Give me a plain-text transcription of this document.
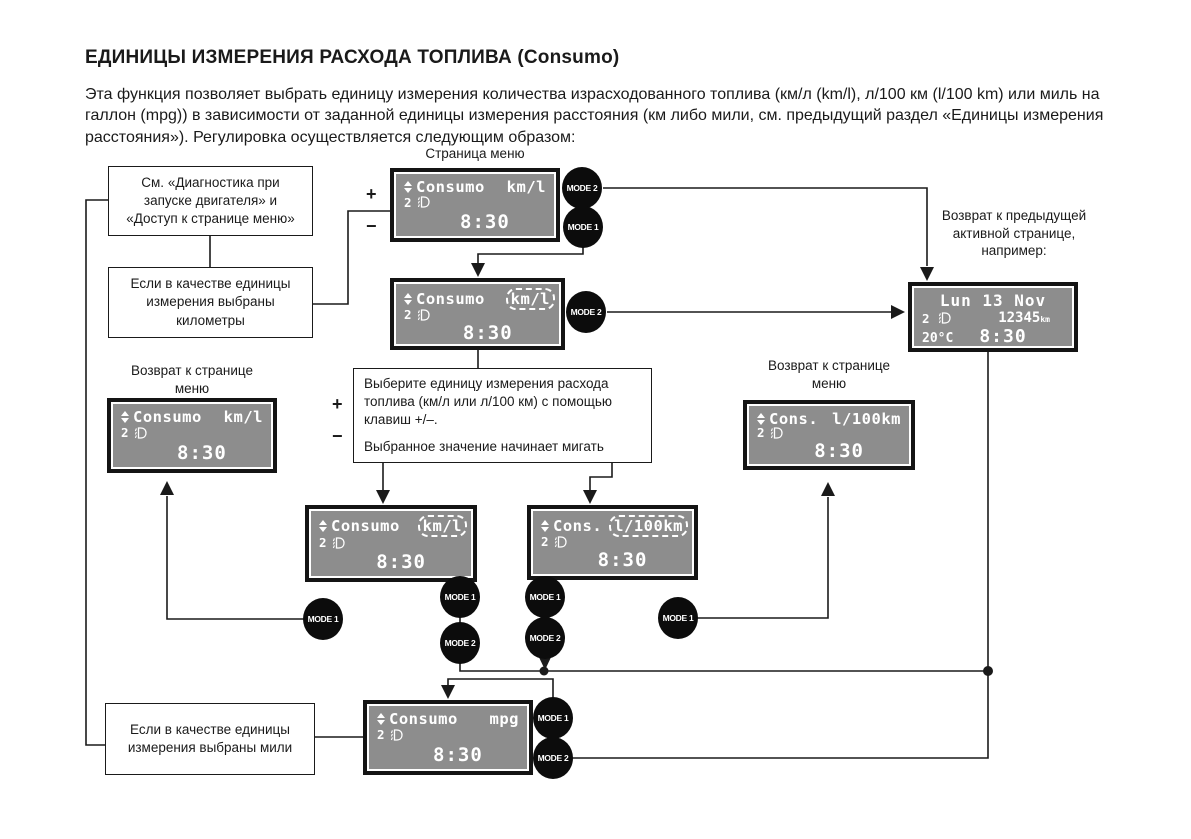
ЕДИНИЦЫ ИЗМЕРЕНИЯ РАСХОДА ТОПЛИВА (Consumo)
Эта функция позволяет выбрать единицу измерения количества израсходованного топлива (км/л (km/l), л/100 км (l/100 km) или миль на галлон (mpg)) в зависимости от заданной единицы измерения расстояния (км либо мили, см. предыдущий раздел «Единицы измерения расстояния»). Регулировка осуществляется следующим образом:
См. «Диагностика при запуске двигателя» и «Доступ к странице меню»
Если в качестве единицы измерения выбраны километры
Выберите единицу измерения расхода топлива (км/л или л/100 км) с помощью клавиш +/–.
Выбранное значение начинает мигать
Если в качестве единицы измерения выбраны мили
Страница меню
Возврат к предыдущей активной странице, например:
Возврат к странице меню
Возврат к странице меню
+
−
+
−
Consumo km/l
2
8:30
Consumo	km/l
2
8:30
Consumo km/l
2
8:30
Cons. l/100km
2
8:30
Consumo	km/l
2
8:30
Cons. l/100km
2
8:30
Consumo mpg
2
8:30
Lun 13 Nov
2
	12345km
20°C 8:30
MODE 2
MODE 1
MODE 2
MODE 1
MODE 1
MODE 2
MODE 1
MODE 2
MODE 1
MODE 1
MODE 2
